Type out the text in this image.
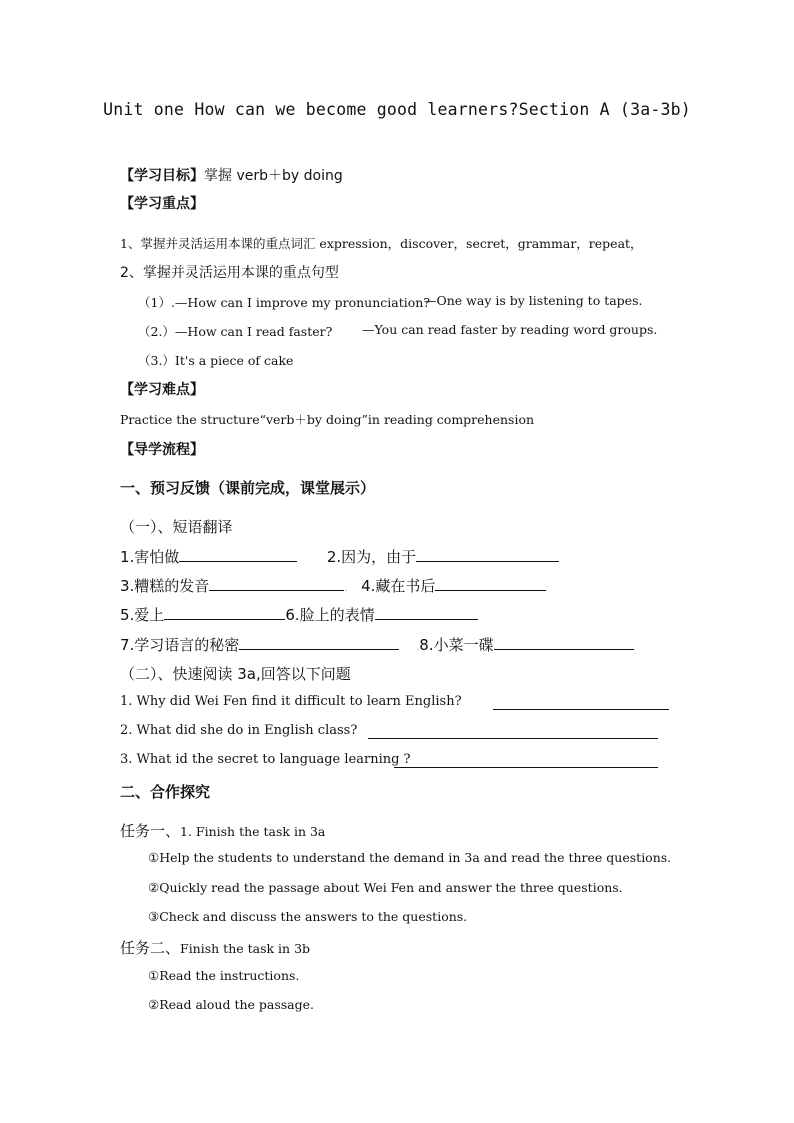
Unit one How can we become good learners?Section A (3a-3b)
【学习目标】掌握 verb＋by doing
【学习重点】
1、掌握并灵活运用本课的重点词汇 expression，discover，secret，grammar，repeat，
2、掌握并灵活运用本课的重点句型
（1）.—How can I improve my pronunciation?
—One way is by listening to tapes.
（2.）—How can I read faster? —You can read faster by reading word groups.
（3.）It's a piece of cake
【学习难点】
Practice the structure“verb＋by doing”in reading comprehension
【导学流程】
一、预习反馈（课前完成，课堂展示）
（一）、短语翻译
1.害怕做	2.因为，由于
3.糟糕的发音	. 4.藏在书后
5.爱上	6.脸上的表情
7.学习语言的秘密	.8.小菜一碟
（二）、快速阅读 3a,回答以下问题
1. Why did Wei Fen find it difficult to learn English?
2. What did she do in English class?
3. What id the secret to language learning ?
二、合作探究
任务一、1. Finish the task in 3a
①Help the students to understand the demand in 3a and read the three questions.
②Quickly read the passage about Wei Fen and answer the three questions.
③Check and discuss the answers to the questions.
任务二、Finish the task in 3b
①Read the instructions.
②Read aloud the passage.
